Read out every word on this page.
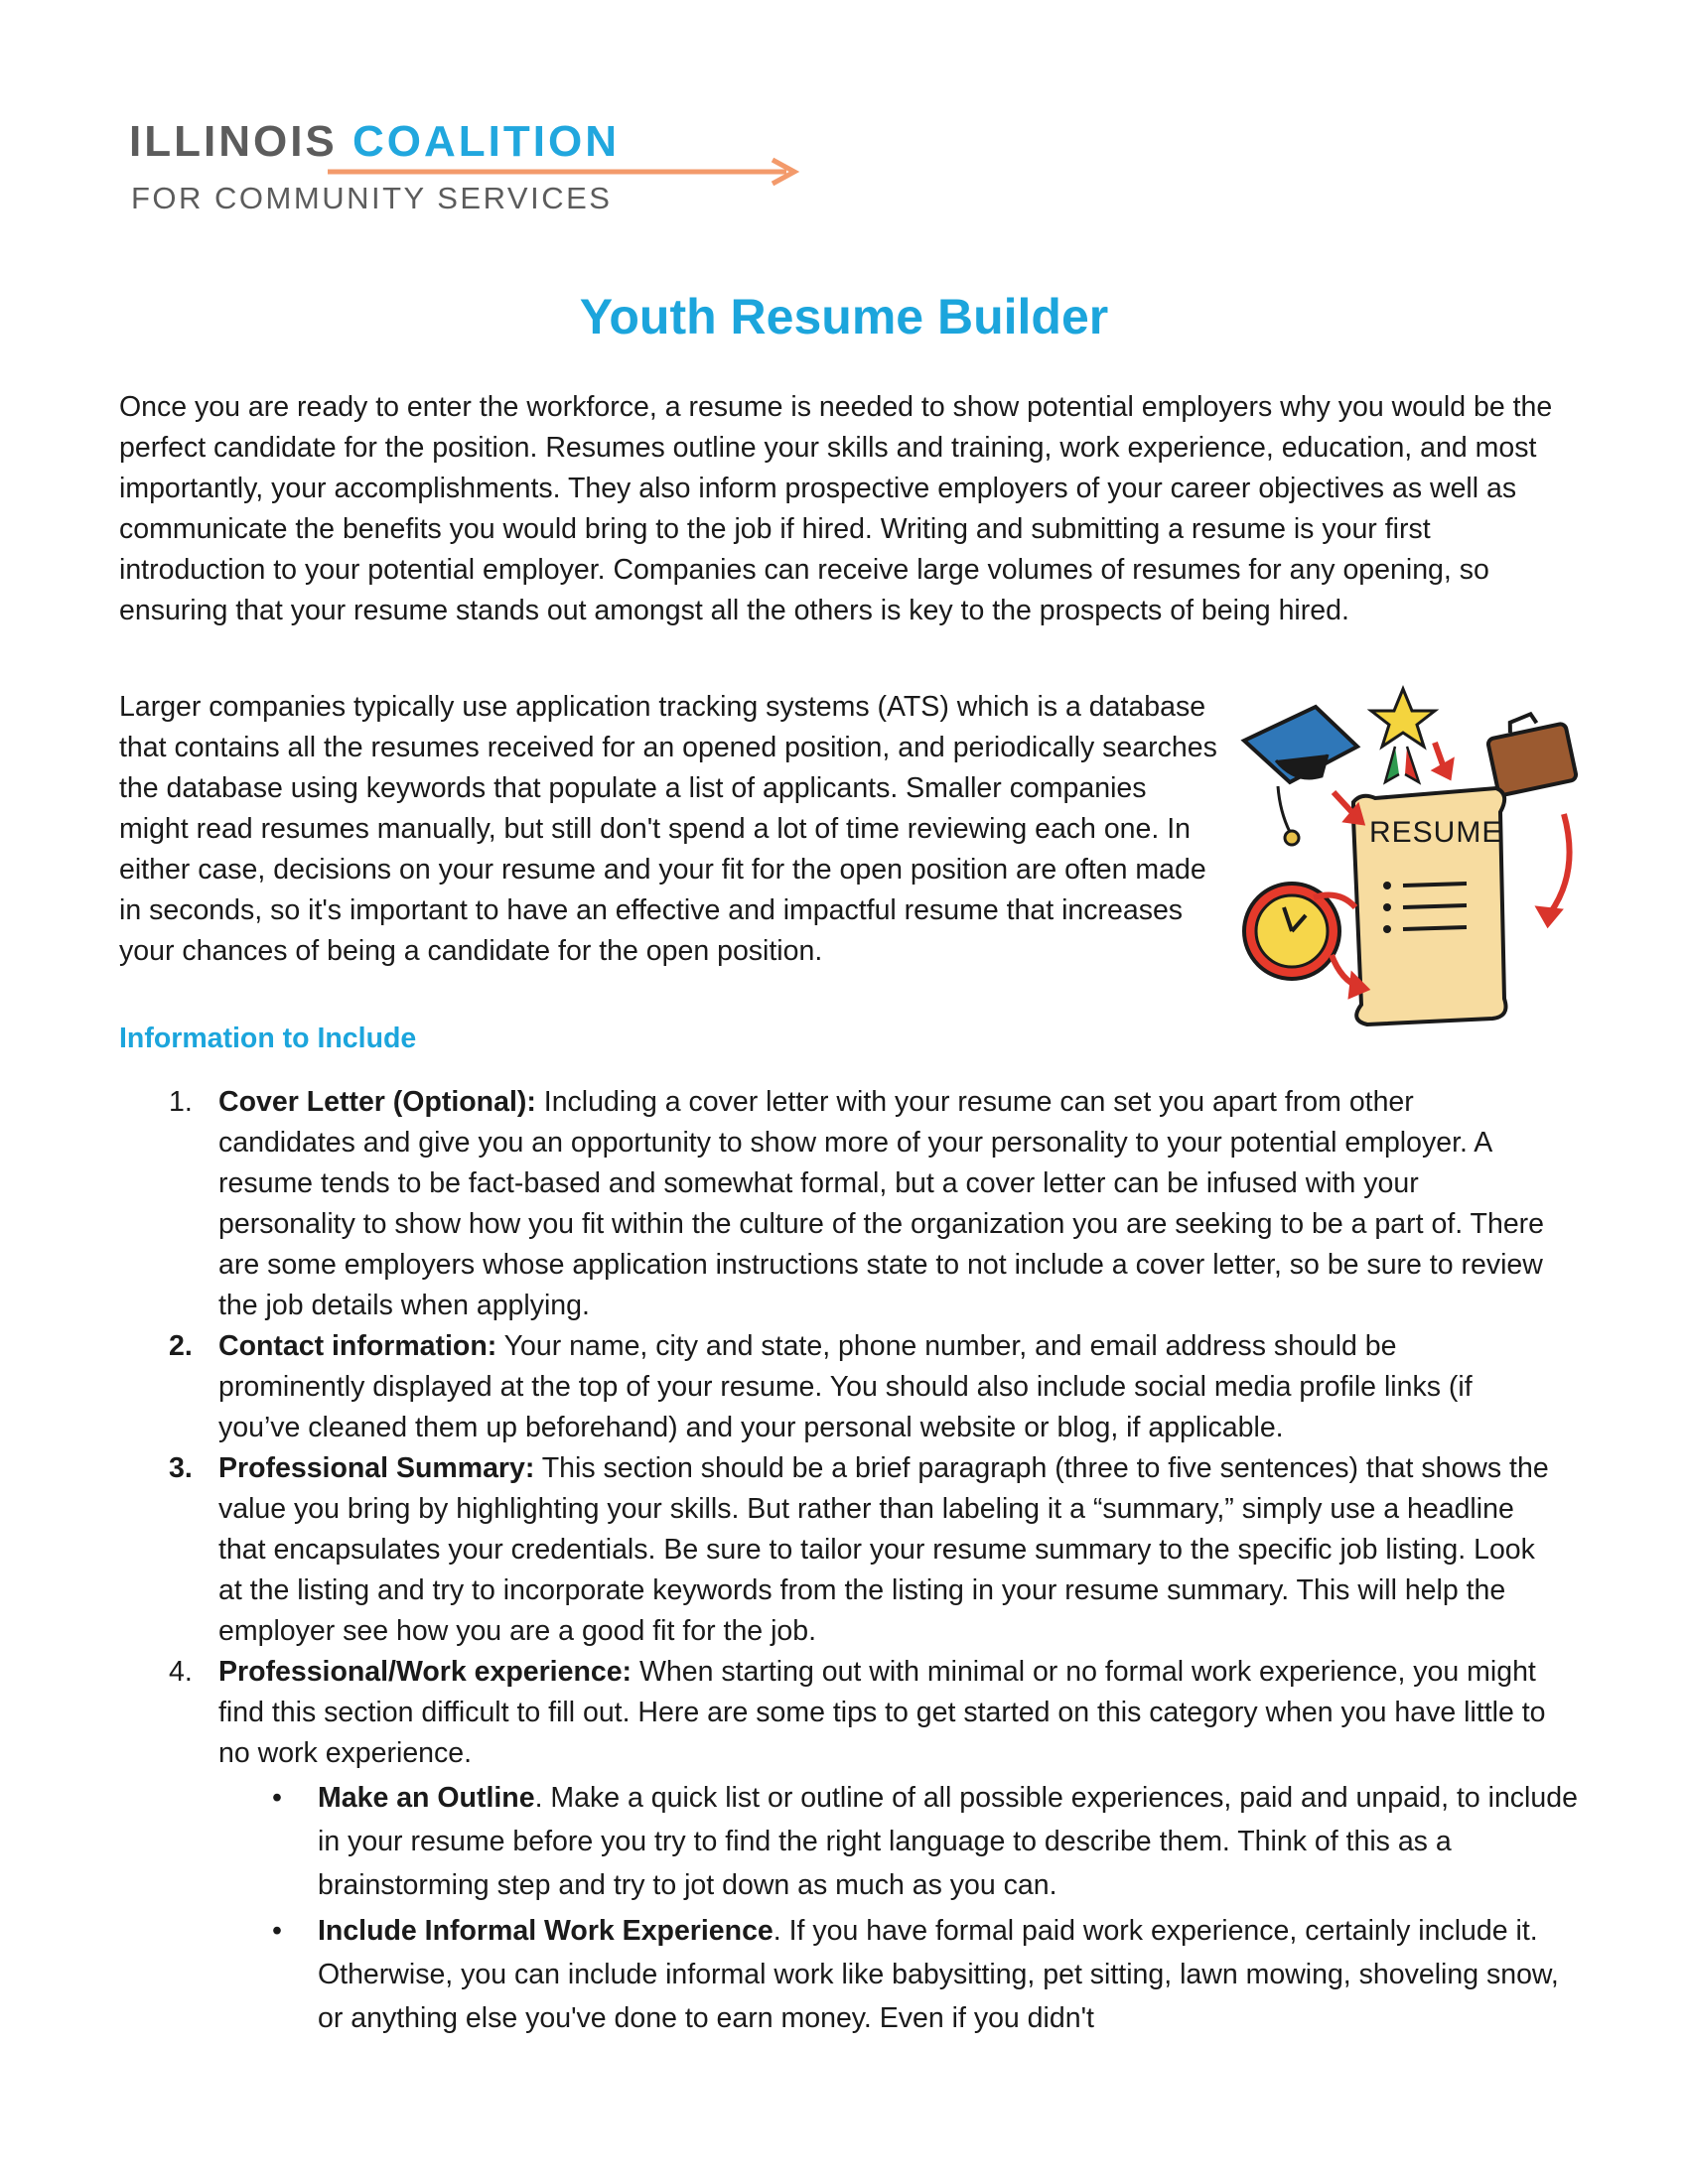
ILLINOIS COALITION
FOR COMMUNITY SERVICES
Youth Resume Builder

Once you are ready to enter the workforce, a resume is needed to show potential employers why you would be the perfect candidate for the position. Resumes outline your skills and training, work experience, education, and most importantly, your accomplishments. They also inform prospective employers of your career objectives as well as communicate the benefits you would bring to the job if hired. Writing and submitting a resume is your first introduction to your potential employer. Companies can receive large volumes of resumes for any opening, so ensuring that your resume stands out amongst all the others is key to the prospects of being hired.

Larger companies typically use application tracking systems (ATS) which is a database that contains all the resumes received for an opened position, and periodically searches the database using keywords that populate a list of applicants. Smaller companies might read resumes manually, but still don't spend a lot of time reviewing each one. In either case, decisions on your resume and your fit for the open position are often made in seconds, so it's important to have an effective and impactful resume that increases your chances of being a candidate for the open position.

RESUME
Information to Include
1. Cover Letter (Optional): Including a cover letter with your resume can set you apart from other candidates and give you an opportunity to show more of your personality to your potential employer. A resume tends to be fact-based and somewhat formal, but a cover letter can be infused with your personality to show how you fit within the culture of the organization you are seeking to be a part of. There are some employers whose application instructions state to not include a cover letter, so be sure to review the job details when applying.
2. Contact information: Your name, city and state, phone number, and email address should be prominently displayed at the top of your resume. You should also include social media profile links (if you’ve cleaned them up beforehand) and your personal website or blog, if applicable.
3. Professional Summary: This section should be a brief paragraph (three to five sentences) that shows the value you bring by highlighting your skills. But rather than labeling it a “summary,” simply use a headline that encapsulates your credentials. Be sure to tailor your resume summary to the specific job listing. Look at the listing and try to incorporate keywords from the listing in your resume summary. This will help the employer see how you are a good fit for the job.
4. Professional/Work experience: When starting out with minimal or no formal work experience, you might find this section difficult to fill out. Here are some tips to get started on this category when you have little to no work experience.
• Make an Outline. Make a quick list or outline of all possible experiences, paid and unpaid, to include in your resume before you try to find the right language to describe them. Think of this as a brainstorming step and try to jot down as much as you can.
• Include Informal Work Experience. If you have formal paid work experience, certainly include it. Otherwise, you can include informal work like babysitting, pet sitting, lawn mowing, shoveling snow, or anything else you've done to earn money. Even if you didn't
